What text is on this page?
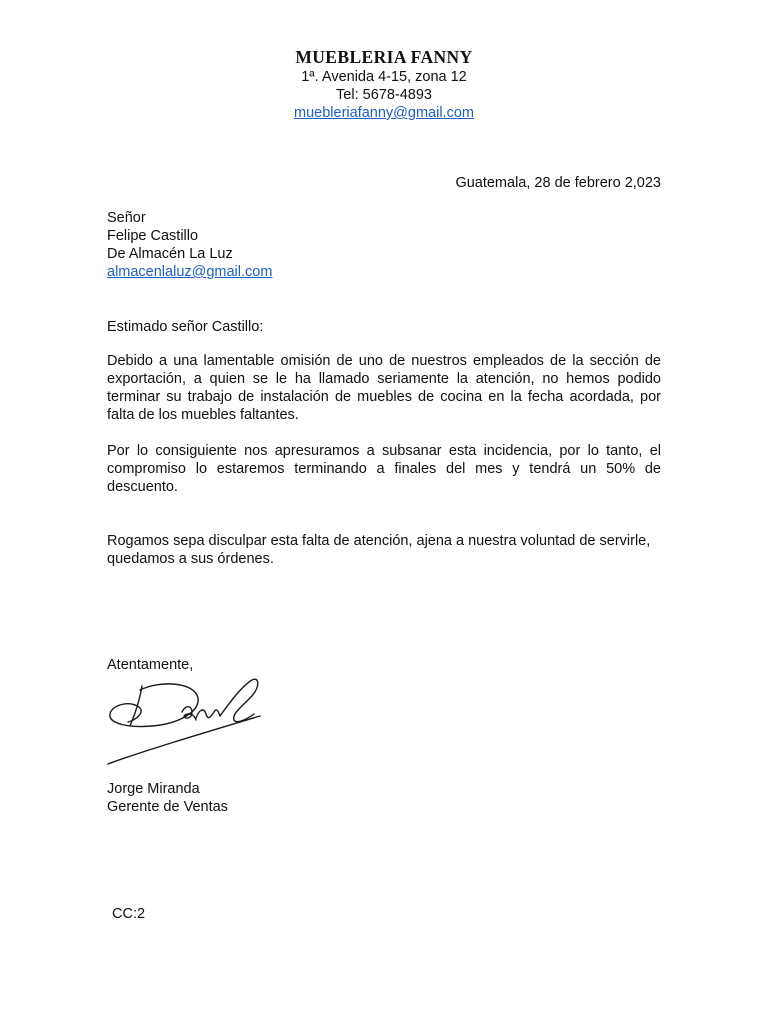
MUEBLERIA FANNY
1ª. Avenida 4-15, zona 12
Tel: 5678-4893
muebleriafanny@gmail.com
Guatemala, 28 de febrero 2,023
Señor
Felipe Castillo
De Almacén La Luz
almacenlaluz@gmail.com
Estimado señor Castillo:
Debido a una lamentable omisión de uno de nuestros empleados de la sección de exportación, a quien se le ha llamado seriamente la atención, no hemos podido terminar su trabajo de instalación de muebles de cocina en la fecha acordada, por falta de los muebles faltantes.
Por lo consiguiente nos apresuramos a subsanar esta incidencia, por lo tanto, el compromiso lo estaremos terminando a finales del mes y tendrá un 50% de descuento.
Rogamos sepa disculpar esta falta de atención, ajena a nuestra voluntad de servirle, quedamos a sus órdenes.
Atentamente,
Jorge Miranda
Gerente de Ventas
CC:2
